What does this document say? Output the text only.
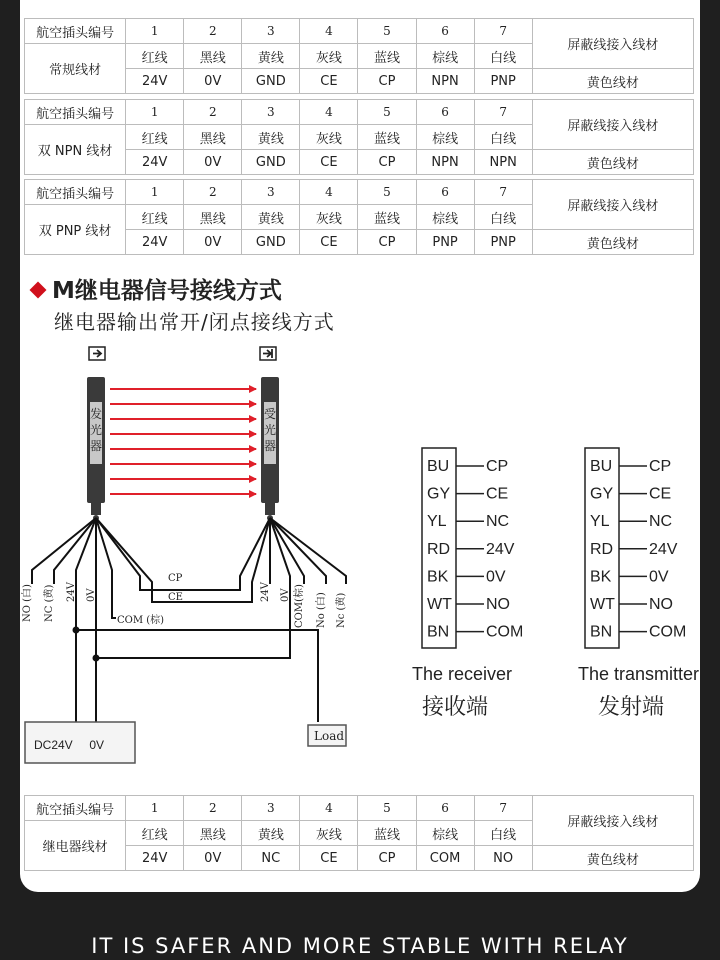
航空插头编号	1	2	3	4	5	6	7	屏蔽线接入线材
常规线材	红线	黑线	黄线	灰线	蓝线	棕线	白线	
	24V	0V	GND	CE	CP	NPN	PNP	黄色线材
航空插头编号	1	2	3	4	5	6	7	屏蔽线接入线材
双 NPN 线材	红线	黑线	黄线	灰线	蓝线	棕线	白线	
	24V	0V	GND	CE	CP	NPN	NPN	黄色线材
航空插头编号	1	2	3	4	5	6	7	屏蔽线接入线材
双 PNP 线材	红线	黑线	黄线	灰线	蓝线	棕线	白线	
	24V	0V	GND	CE	CP	PNP	PNP	黄色线材
M继电器信号接线方式
继电器输出常开/闭点接线方式
发
光
器
受
光
器
NO (白) NC (黄) 24V 0V
COM (棕)
CP
CE	24V 0V COM(棕) No (白) Nc (黄)
DC24V     0V
Load
BU CP
GY CE
YL NC
RD 24V
BK 0V
WT NO
BN COM
The receiver
接收端
BU CP
GY CE
YL NC
RD 24V
BK 0V
WT NO
BN COM
The transmitter
发射端
航空插头编号	1	2	3	4	5	6	7	屏蔽线接入线材
继电器线材	红线	黑线	黄线	灰线	蓝线	棕线	白线	
	24V	0V	NC	CE	CP	COM	NO	黄色线材
IT IS SAFER AND MORE STABLE WITH RELAY
